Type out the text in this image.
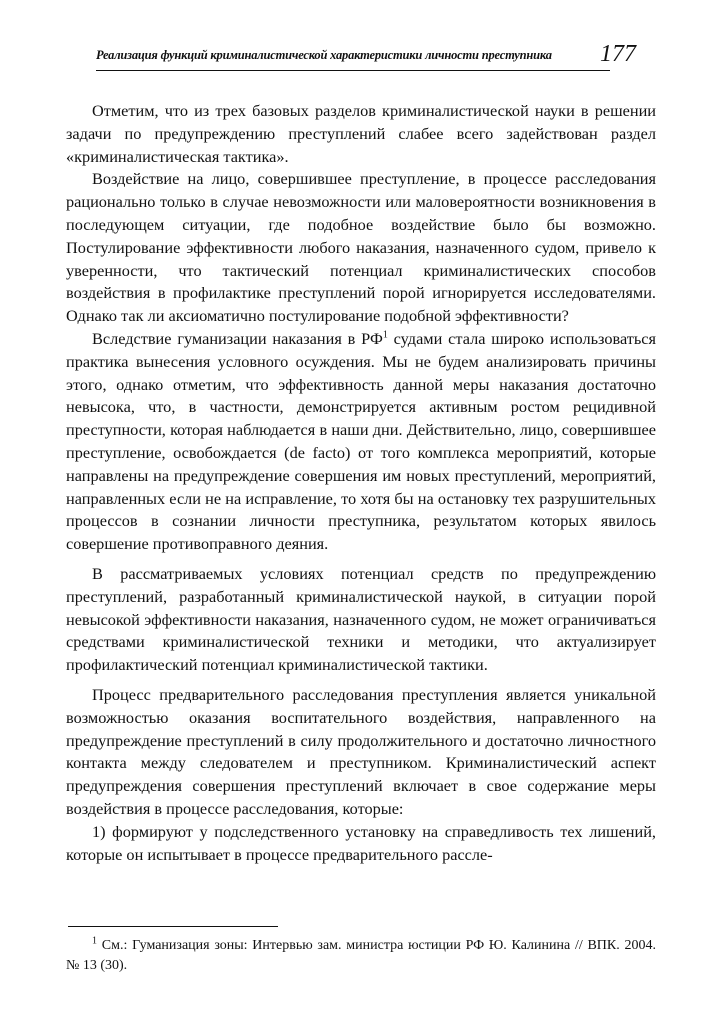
Реализация функций криминалистической характеристики личности преступника	177

Отметим, что из трех базовых разделов криминалистической науки в решении задачи по предупреждению преступлений слабее всего задействован раздел «криминалистическая тактика».

Воздействие на лицо, совершившее преступление, в процессе расследования рационально только в случае невозможности или маловероятности возникновения в последующем ситуации, где подобное воздействие было бы возможно. Постулирование эффективности любого наказания, назначенного судом, привело к уверенности, что тактический потенциал криминалистических способов воздействия в профилактике преступлений порой игнорируется исследователями. Однако так ли аксиоматично постулирование подобной эффективности?

Вследствие гуманизации наказания в $РФ^1$ судами стала широко использоваться практика вынесения условного осуждения. Мы не будем анализировать причины этого, однако отметим, что эффективность данной меры наказания достаточно невысока, что, в частности, демонстрируется активным ростом рецидивной преступности, которая наблюдается в наши дни. Действительно, лицо, совершившее преступление, освобождается (de facto) от того комплекса мероприятий, которые направлены на предупреждение совершения им новых преступлений, мероприятий, направленных если не на исправление, то хотя бы на остановку тех разрушительных процессов в сознании личности преступника, результатом которых явилось совершение противоправного деяния.

В рассматриваемых условиях потенциал средств по предупреждению преступлений, разработанный криминалистической наукой, в ситуации порой невысокой эффективности наказания, назначенного судом, не может ограничиваться средствами криминалистической техники и методики, что актуализирует профилактический потенциал криминалистической тактики.

Процесс предварительного расследования преступления является уникальной возможностью оказания воспитательного воздействия, направленного на предупреждение преступлений в силу продолжительного и достаточно личностного контакта между следователем и преступником. Криминалистический аспект предупреждения совершения преступлений включает в свое содержание меры воздействия в процессе расследования, которые:

1) формируют у подследственного установку на справедливость тех лишений, которые он испытывает в процессе предварительного рассле-

$^1$ См.: Гуманизация зоны: Интервью зам. министра юстиции РФ Ю. Калинина // ВПК. 2004. № 13 (30).
